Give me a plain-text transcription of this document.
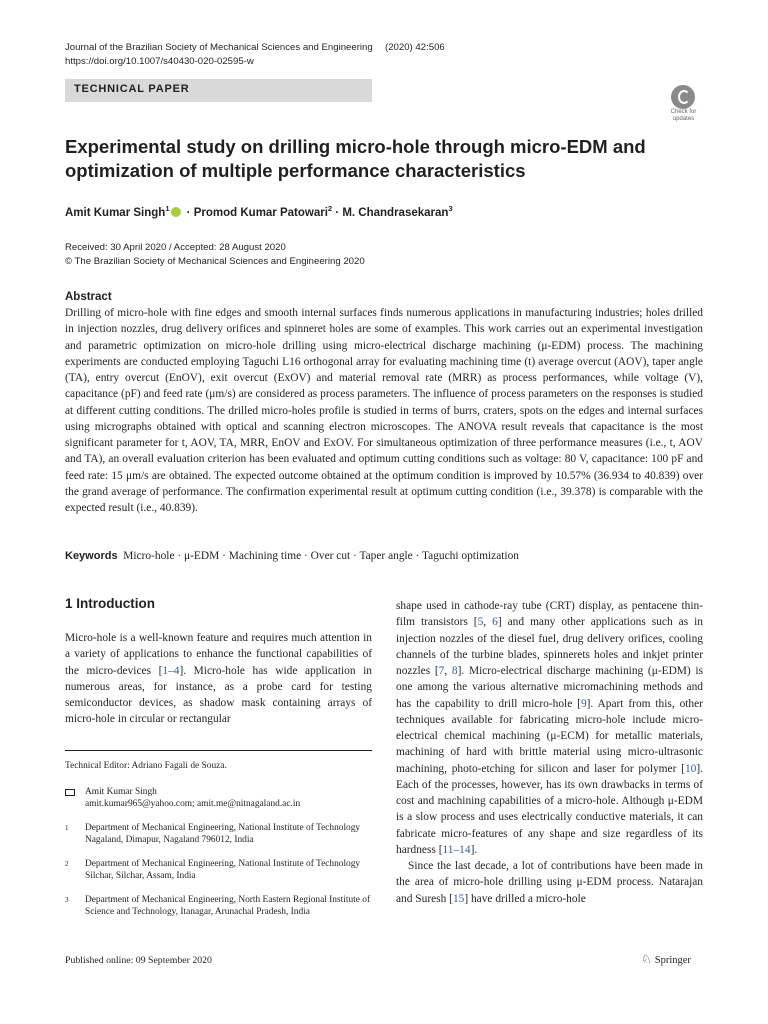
Journal of the Brazilian Society of Mechanical Sciences and Engineering (2020) 42:506
https://doi.org/10.1007/s40430-020-02595-w
TECHNICAL PAPER
Check for updates
Experimental study on drilling micro-hole through micro-EDM and optimization of multiple performance characteristics
Amit Kumar Singh$^1$ · Promod Kumar Patowari$^2$ · M. Chandrasekaran$^3$
Received: 30 April 2020 / Accepted: 28 August 2020
© The Brazilian Society of Mechanical Sciences and Engineering 2020
Abstract
Drilling of micro-hole with fine edges and smooth internal surfaces finds numerous applications in manufacturing industries; holes drilled in injection nozzles, drug delivery orifices and spinneret holes are some of examples. This work carries out an experimental investigation and parametric optimization on micro-hole drilling using micro-electrical discharge machining (μ-EDM) process. The machining experiments are conducted employing Taguchi L16 orthogonal array for evaluating machining time (t) average overcut (AOV), taper angle (TA), entry overcut (EnOV), exit overcut (ExOV) and material removal rate (MRR) as process performances, while voltage (V), capacitance (pF) and feed rate (μm/s) are considered as process parameters. The influence of process parameters on the responses is studied at different cutting conditions. The drilled micro-holes profile is studied in terms of burrs, craters, spots on the edges and internal surfaces using micrographs obtained with optical and scanning electron microscopes. The ANOVA result reveals that capacitance is the most significant parameter for t, AOV, TA, MRR, EnOV and ExOV. For simultaneous optimization of three performance measures (i.e., t, AOV and TA), an overall evaluation criterion has been evaluated and optimum cutting conditions such as voltage: 80 V, capacitance: 100 pF and feed rate: 15 μm/s are obtained. The expected outcome obtained at the optimum condition is improved by 10.57% (36.934 to 40.839) over the grand average of performance. The confirmation experimental result at optimum cutting condition (i.e., 39.378) is comparable with the expected result (i.e., 40.839).
Keywords Micro-hole · μ-EDM · Machining time · Over cut · Taper angle · Taguchi optimization
1 Introduction

Micro-hole is a well-known feature and requires much attention in a variety of applications to enhance the functional capabilities of the micro-devices [1–4]. Micro-hole has wide application in numerous areas, for instance, as a probe card for testing semiconductor devices, as shadow mask containing arrays of micro-hole in circular or rectangular

shape used in cathode-ray tube (CRT) display, as pentacene thin-film transistors [5, 6] and many other applications such as in injection nozzles of the diesel fuel, drug delivery orifices, cooling channels of the turbine blades, spinnerets holes and inkjet printer nozzles [7, 8]. Micro-electrical discharge machining (μ-EDM) is one among the various alternative micromachining methods and has the capability to drill micro-hole [9]. Apart from this, other techniques available for fabricating micro-hole include micro-electrical chemical machining (μ-ECM) for metallic materials, machining of hard with brittle material using micro-ultrasonic machining, photo-etching for silicon and laser for polymer [10]. Each of the processes, however, has its own drawbacks in terms of cost and machining capabilities of a micro-hole. Although μ-EDM is a slow process and uses electrically conductive materials, it can fabricate micro-features of any shape and size regardless of its hardness [11–14].

Since the last decade, a lot of contributions have been made in the area of micro-hole drilling using μ-EDM process. Natarajan and Suresh [15] have drilled a micro-hole

Technical Editor: Adriano Fagali de Souza.
Amit Kumar Singh
amit.kumar965@yahoo.com; amit.me@nitnagaland.ac.in
1 Department of Mechanical Engineering, National Institute of Technology Nagaland, Dimapur, Nagaland 796012, India
2 Department of Mechanical Engineering, National Institute of Technology Silchar, Silchar, Assam, India
3 Department of Mechanical Engineering, North Eastern Regional Institute of Science and Technology, Itanagar, Arunachal Pradesh, India
Published online: 09 September 2020	♘ Springer
